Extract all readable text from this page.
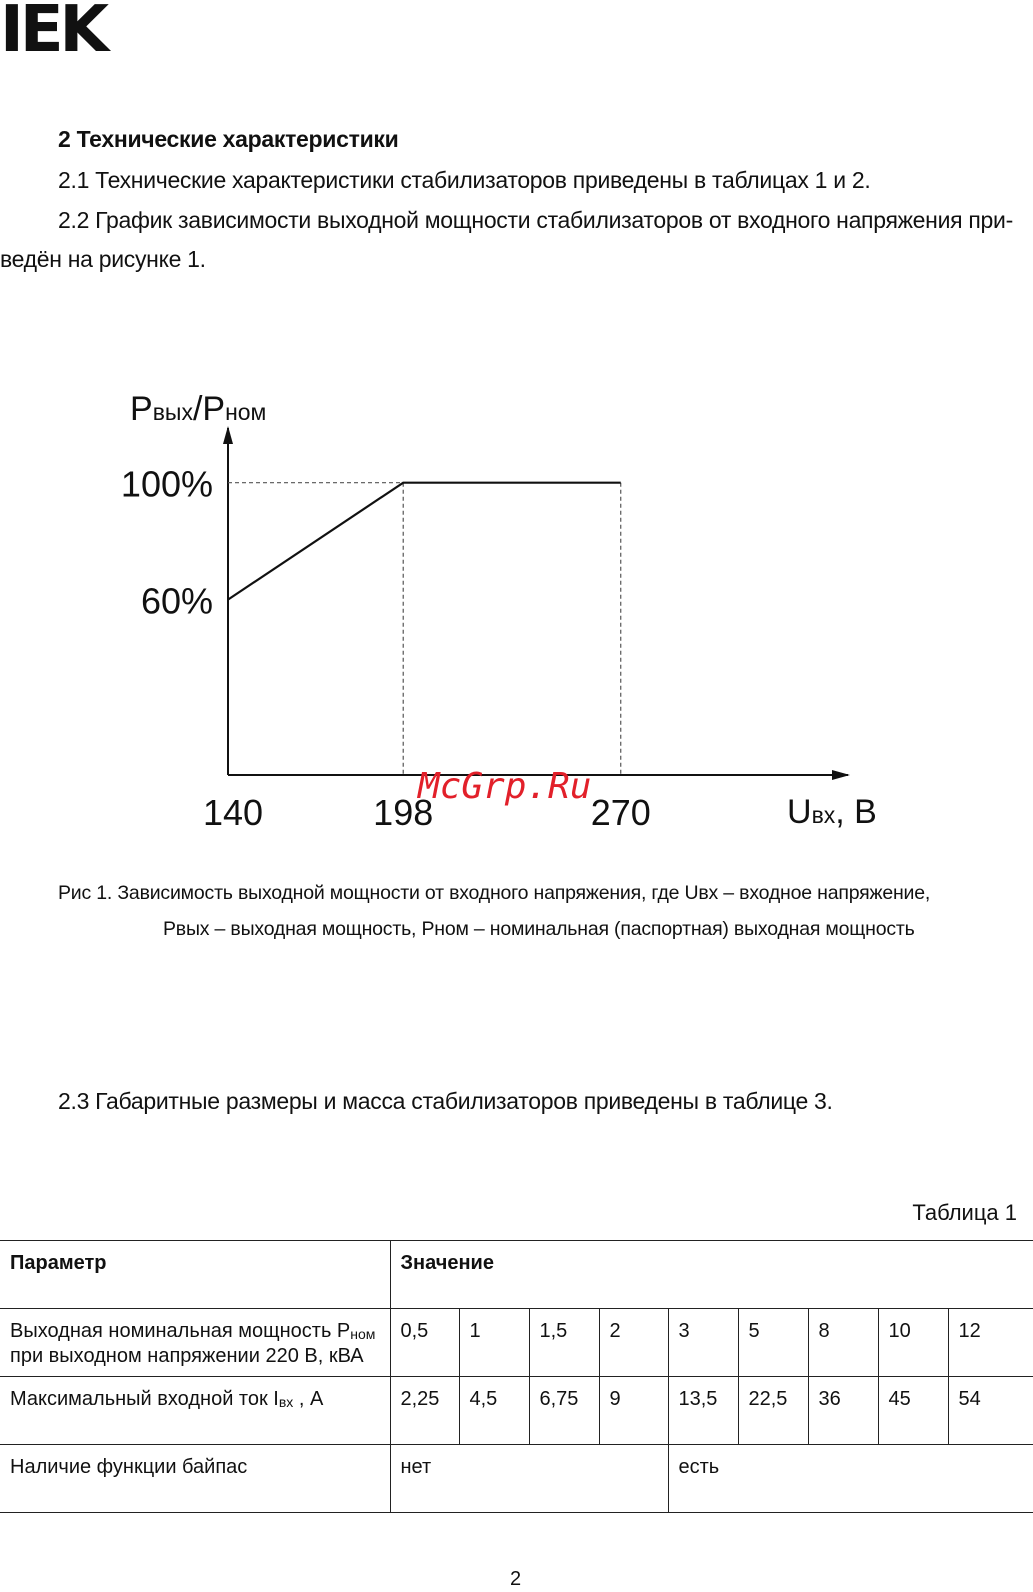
IEK
2 Технические характеристики
2.1 Технические характеристики стабилизаторов приведены в таблицах 1 и 2.
2.2 График зависимости выходной мощности стабилизаторов от входного напряжения при-
ведён на рисунке 1.
60%
100%
140	198	270
Pвых/Pном
Uвх, В
McGrp.Ru
Рис 1. Зависимость выходной мощности от входного напряжения, где Uвх – входное напряжение,
Рвых – выходная мощность, Рном – номинальная (паспортная) выходная мощность
2.3 Габаритные размеры и масса стабилизаторов приведены в таблице 3.
Таблица 1
Параметр	Значение								
Выходная номинальная мощность $P_{ном}$
при выходном напряжении 220 В, кВА	0,5	1	1,5	2	3	5	8	10	12
Максимальный входной ток $I_{вх}$ , А	2,25	4,5	6,75	9	13,5	22,5	36	45	54
Наличие функции байпас	нет				есть				
2
